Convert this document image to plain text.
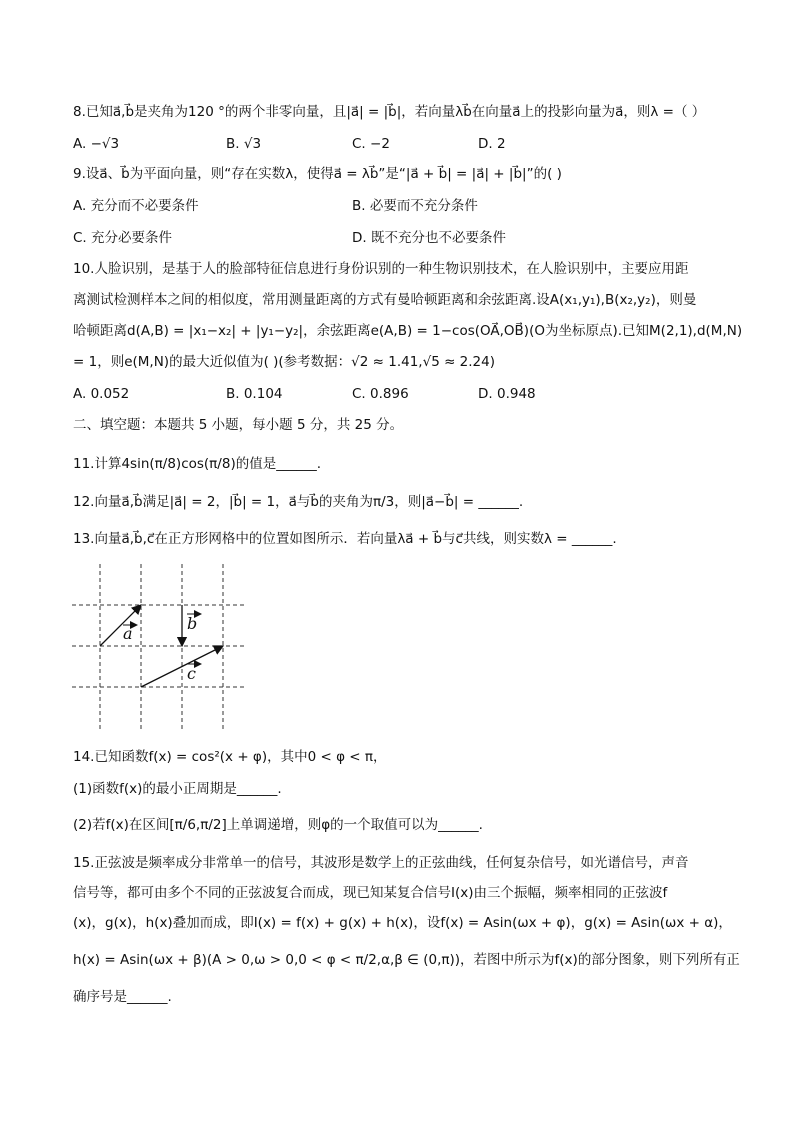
8.已知a⃗,b⃗是夹角为120 °的两个非零向量，且|a⃗| = |b⃗|，若向量λb⃗在向量a⃗上的投影向量为a⃗，则λ =（ ）
A. −√3	B. √3	C. −2	D. 2
9.设a⃗、b⃗为平面向量，则“存在实数λ，使得a⃗ = λb⃗”是“|a⃗ + b⃗| = |a⃗| + |b⃗|”的( )
A. 充分而不必要条件	B. 必要而不充分条件
C. 充分必要条件	D. 既不充分也不必要条件
10.人脸识别，是基于人的脸部特征信息进行身份识别的一种生物识别技术，在人脸识别中，主要应用距
离测试检测样本之间的相似度，常用测量距离的方式有曼哈顿距离和余弦距离.设A(x₁,y₁),B(x₂,y₂)，则曼
哈顿距离d(A,B) = |x₁−x₂| + |y₁−y₂|，余弦距离e(A,B) = 1−cos(OA⃗,OB⃗)(O为坐标原点).已知M(2,1),d(M,N)
= 1，则e(M,N)的最大近似值为( )(参考数据：√2 ≈ 1.41,√5 ≈ 2.24)
A. 0.052	B. 0.104	C. 0.896	D. 0.948
二、填空题：本题共 5 小题，每小题 5 分，共 25 分。
11.计算4sin(π/8)cos(π/8)的值是______.
12.向量a⃗,b⃗满足|a⃗| = 2，|b⃗| = 1，a⃗与b⃗的夹角为π/3，则|a⃗−b⃗| = ______.
13.向量a⃗,b⃗,c⃗在正方形网格中的位置如图所示．若向量λa⃗ + b⃗与c⃗共线，则实数λ = ______.
a
b
c
14.已知函数f(x) = cos²(x + φ)，其中0 < φ < π，
(1)函数f(x)的最小正周期是______.
(2)若f(x)在区间[π/6,π/2]上单调递增，则φ的一个取值可以为______.
15.正弦波是频率成分非常单一的信号，其波形是数学上的正弦曲线，任何复杂信号，如光谱信号，声音
信号等，都可由多个不同的正弦波复合而成，现已知某复合信号I(x)由三个振幅，频率相同的正弦波f
(x)，g(x)，h(x)叠加而成，即I(x) = f(x) + g(x) + h(x)，设f(x) = Asin(ωx + φ)，g(x) = Asin(ωx + α)，
h(x) = Asin(ωx + β)(A > 0,ω > 0,0 < φ < π/2,α,β ∈ (0,π))，若图中所示为f(x)的部分图象，则下列所有正
确序号是______.
